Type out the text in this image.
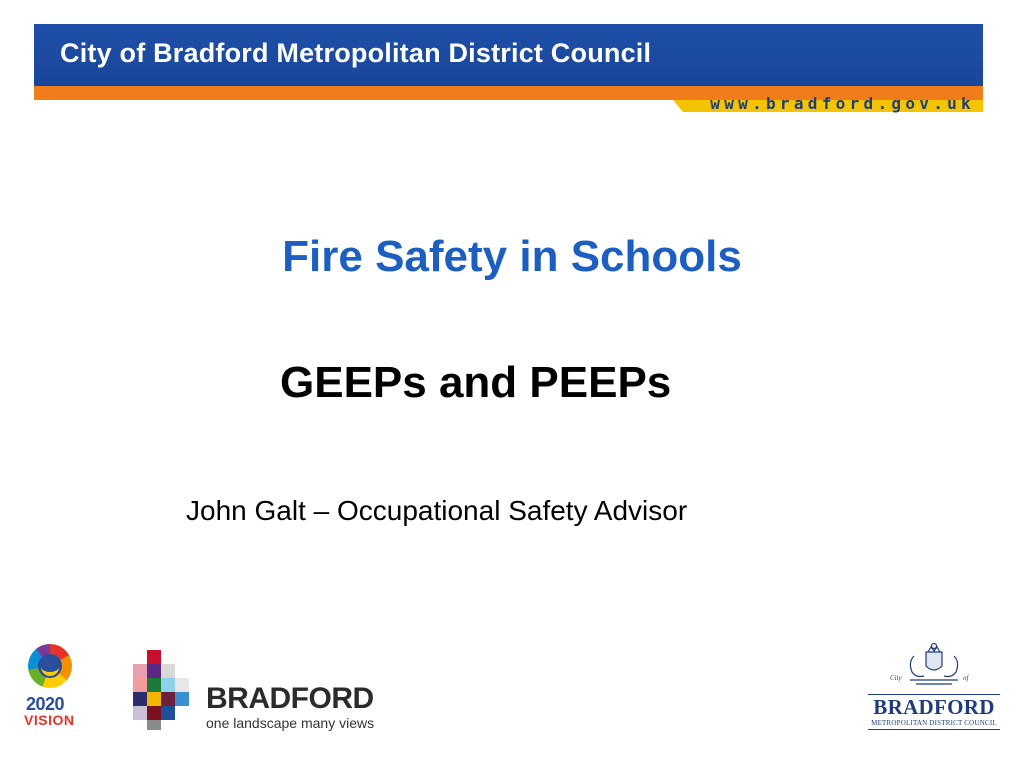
City of Bradford Metropolitan District Council
www.bradford.gov.uk
Fire Safety in Schools
GEEPs and PEEPs
John Galt – Occupational Safety Advisor
2020
VISION
BRADFORD
one landscape many views
City	of
BRADFORD
METROPOLITAN DISTRICT COUNCIL
